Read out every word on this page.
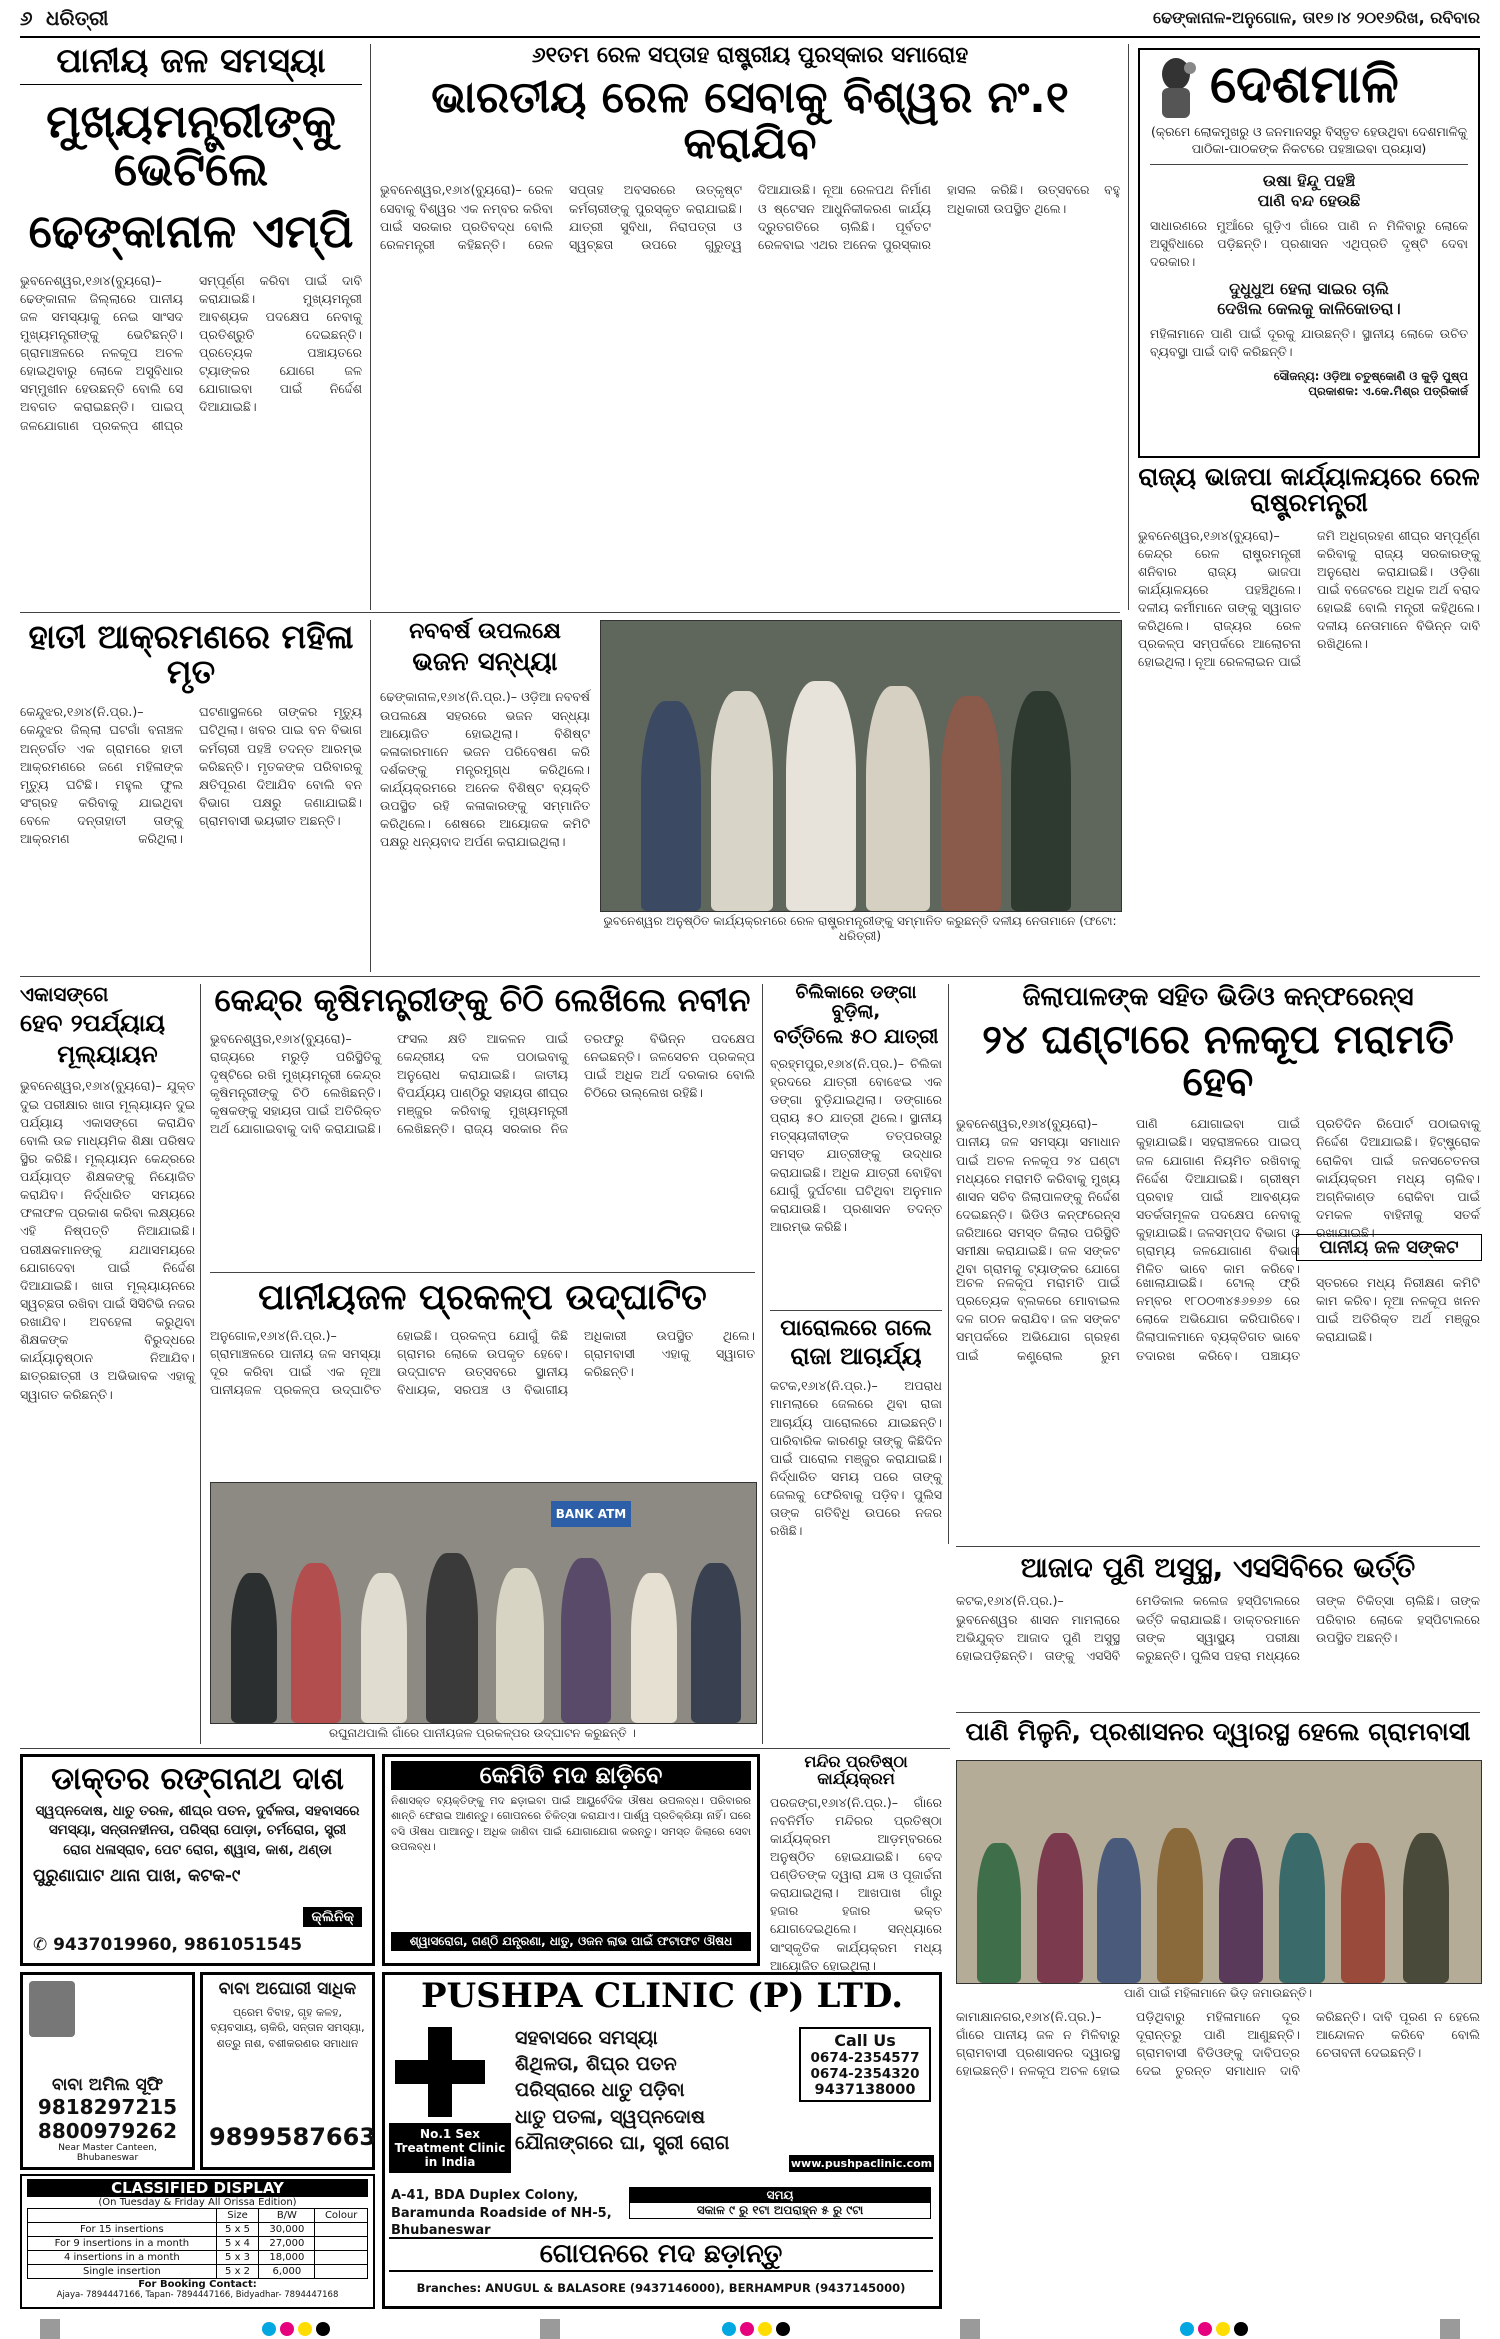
୬ ଧରିତ୍ରୀ	ଢେଙ୍କାନାଳ-ଅନୁଗୋଳ, ତା୧୭।୪ ୨୦୧୬ରିଖ, ରବିବାର
ପାନୀୟ ଜଳ ସମସ୍ୟା
ମୁଖ୍ୟମନ୍ତ୍ରୀଙ୍କୁ ଭେଟିଲେ
ଢେଙ୍କାନାଳ ଏମ୍‌ପି
ଭୁବନେଶ୍ୱର,୧୬ା୪(ବ୍ୟୁରୋ)– ଢେଙ୍କାନାଳ ଜିଲ୍ଲାରେ ପାନୀୟ ଜଳ ସମସ୍ୟାକୁ ନେଇ ସାଂସଦ ମୁଖ୍ୟମନ୍ତ୍ରୀଙ୍କୁ ଭେଟିଛନ୍ତି। ଗ୍ରାମାଞ୍ଚଳରେ ନଳକୂପ ଅଚଳ ହୋଇଥିବାରୁ ଲୋକେ ଅସୁବିଧାର ସମ୍ମୁଖୀନ ହେଉଛନ୍ତି ବୋଲି ସେ ଅବଗତ କରାଇଛନ୍ତି। ପାଇପ୍ ଜଳଯୋଗାଣ ପ୍ରକଳ୍ପ ଶୀଘ୍ର ସମ୍ପୂର୍ଣ୍ଣ କରିବା ପାଇଁ ଦାବି କରାଯାଇଛି। ମୁଖ୍ୟମନ୍ତ୍ରୀ ଆବଶ୍ୟକ ପଦକ୍ଷେପ ନେବାକୁ ପ୍ରତିଶ୍ରୁତି ଦେଇଛନ୍ତି। ପ୍ରତ୍ୟେକ ପଞ୍ଚାୟତରେ ଟ୍ୟାଙ୍କର ଯୋଗେ ଜଳ ଯୋଗାଇବା ପାଇଁ ନିର୍ଦ୍ଦେଶ ଦିଆଯାଇଛି।
୬୧ତମ ରେଳ ସପ୍ତାହ ରାଷ୍ଟ୍ରୀୟ ପୁରସ୍କାର ସମାରୋହ
ଭାରତୀୟ ରେଳ ସେବାକୁ ବିଶ୍ୱର ନଂ.୧ କରାଯିବ
ଭୁବନେଶ୍ୱର,୧୬ା୪(ବ୍ୟୁରୋ)– ରେଳ ସେବାକୁ ବିଶ୍ୱର ଏକ ନମ୍ବର କରିବା ପାଇଁ ସରକାର ପ୍ରତିବଦ୍ଧ ବୋଲି ରେଳମନ୍ତ୍ରୀ କହିଛନ୍ତି। ରେଳ ସପ୍ତାହ ଅବସରରେ ଉତ୍କୃଷ୍ଟ କର୍ମଚାରୀଙ୍କୁ ପୁରସ୍କୃତ କରାଯାଇଛି। ଯାତ୍ରୀ ସୁବିଧା, ନିରାପତ୍ତା ଓ ସ୍ୱଚ୍ଛତା ଉପରେ ଗୁରୁତ୍ୱ ଦିଆଯାଉଛି। ନୂଆ ରେଳପଥ ନିର୍ମାଣ ଓ ଷ୍ଟେସନ ଆଧୁନିକୀକରଣ କାର୍ଯ୍ୟ ଦ୍ରୁତଗତିରେ ଚାଲିଛି। ପୂର୍ବତଟ ରେଳବାଇ ଏଥର ଅନେକ ପୁରସ୍କାର ହାସଲ କରିଛି। ଉତ୍ସବରେ ବହୁ ଅଧିକାରୀ ଉପସ୍ଥିତ ଥିଲେ।
ଦେଶମାଳି
(କ୍ରମେ ଲୋକମୁଖରୁ ଓ ଜନମାନସରୁ ବିସ୍ତୃତ ହେଉଥିବା ଦେଶମାଳିକୁ ପାଠିକା-ପାଠକଙ୍କ ନିକଟରେ ପହଞ୍ଚାଇବା ପ୍ରୟାସ)
ଉଷା ହିନ୍ଦୁ ପହଞ୍ଚି
ପାଣି ବନ୍ଦ ହେଉଛି
ସାଧାରଣରେ ମୁଆଁରେ ଗୁଡ଼ିଏ ଗାଁରେ ପାଣି ନ ମିଳିବାରୁ ଲୋକେ ଅସୁବିଧାରେ ପଡ଼ିଛନ୍ତି। ପ୍ରଶାସନ ଏଥିପ୍ରତି ଦୃଷ୍ଟି ଦେବା ଦରକାର।
ଦୁଧୁଧୁଅ ହେଲା ସାଇର ଚାଲି
ଦେଖିଲ କେଲକୁ କାଳିକୋତରା।
ମହିଳାମାନେ ପାଣି ପାଇଁ ଦୂରକୁ ଯାଉଛନ୍ତି। ସ୍ଥାନୀୟ ଲୋକେ ଉଚିତ ବ୍ୟବସ୍ଥା ପାଇଁ ଦାବି କରିଛନ୍ତି।
ସୌଜନ୍ୟ: ଓଡ଼ିଆ ଚତୁଷ୍କୋଣି ଓ କୁଡ଼ି ପୁଷ୍ପ
ପ୍ରକାଶକ: ଏ.କେ.ମିଶ୍ର ପତ୍ରିକାର୍ଜ
ରାଜ୍ୟ ଭାଜପା କାର୍ଯ୍ୟାଳୟରେ ରେଳ ରାଷ୍ଟ୍ରମନ୍ତ୍ରୀ
ଭୁବନେଶ୍ୱର,୧୬ା୪(ବ୍ୟୁରୋ)– କେନ୍ଦ୍ର ରେଳ ରାଷ୍ଟ୍ରମନ୍ତ୍ରୀ ଶନିବାର ରାଜ୍ୟ ଭାଜପା କାର୍ଯ୍ୟାଳୟରେ ପହଞ୍ଚିଥିଲେ। ଦଳୀୟ କର୍ମୀମାନେ ତାଙ୍କୁ ସ୍ୱାଗତ କରିଥିଲେ। ରାଜ୍ୟର ରେଳ ପ୍ରକଳ୍ପ ସମ୍ପର୍କରେ ଆଲୋଚନା ହୋଇଥିଲା। ନୂଆ ରେଳଲାଇନ ପାଇଁ ଜମି ଅଧିଗ୍ରହଣ ଶୀଘ୍ର ସମ୍ପୂର୍ଣ୍ଣ କରିବାକୁ ରାଜ୍ୟ ସରକାରଙ୍କୁ ଅନୁରୋଧ କରାଯାଇଛି। ଓଡ଼ିଶା ପାଇଁ ବଜେଟରେ ଅଧିକ ଅର୍ଥ ବରାଦ ହୋଇଛି ବୋଲି ମନ୍ତ୍ରୀ କହିଥିଲେ। ଦଳୀୟ ନେତାମାନେ ବିଭିନ୍ନ ଦାବି ରଖିଥିଲେ।
ହାତୀ ଆକ୍ରମଣରେ ମହିଳା ମୃତ
କେନ୍ଦୁଝର,୧୬ା୪(ନି.ପ୍ର.)– କେନ୍ଦୁଝର ଜିଲ୍ଲା ଘଟଗାଁ ବନାଞ୍ଚଳ ଅନ୍ତର୍ଗତ ଏକ ଗ୍ରାମରେ ହାତୀ ଆକ୍ରମଣରେ ଜଣେ ମହିଳାଙ୍କ ମୃତ୍ୟୁ ଘଟିଛି। ମହୁଲ ଫୁଲ ସଂଗ୍ରହ କରିବାକୁ ଯାଇଥିବା ବେଳେ ଦନ୍ତାହାତୀ ତାଙ୍କୁ ଆକ୍ରମଣ କରିଥିଲା। ଘଟଣାସ୍ଥଳରେ ତାଙ୍କର ମୃତ୍ୟୁ ଘଟିଥିଲା। ଖବର ପାଇ ବନ ବିଭାଗ କର୍ମଚାରୀ ପହଞ୍ଚି ତଦନ୍ତ ଆରମ୍ଭ କରିଛନ୍ତି। ମୃତକଙ୍କ ପରିବାରକୁ କ୍ଷତିପୂରଣ ଦିଆଯିବ ବୋଲି ବନ ବିଭାଗ ପକ୍ଷରୁ ଜଣାଯାଇଛି। ଗ୍ରାମବାସୀ ଭୟଭୀତ ଅଛନ୍ତି।
ନବବର୍ଷ ଉପଲକ୍ଷେ
ଭଜନ ସନ୍ଧ୍ୟା
ଢେଙ୍କାନାଳ,୧୬ା୪(ନି.ପ୍ର.)– ଓଡ଼ିଆ ନବବର୍ଷ ଉପଲକ୍ଷେ ସହରରେ ଭଜନ ସନ୍ଧ୍ୟା ଆୟୋଜିତ ହୋଇଥିଲା। ବିଶିଷ୍ଟ କଳାକାରମାନେ ଭଜନ ପରିବେଷଣ କରି ଦର୍ଶକଙ୍କୁ ମନ୍ତ୍ରମୁଗ୍ଧ କରିଥିଲେ। କାର୍ଯ୍ୟକ୍ରମରେ ଅନେକ ବିଶିଷ୍ଟ ବ୍ୟକ୍ତି ଉପସ୍ଥିତ ରହି କଳାକାରଙ୍କୁ ସମ୍ମାନିତ କରିଥିଲେ। ଶେଷରେ ଆୟୋଜକ କମିଟି ପକ୍ଷରୁ ଧନ୍ୟବାଦ ଅର୍ପଣ କରାଯାଇଥିଲା।
ଭୁବନେଶ୍ୱର ଅନୁଷ୍ଠିତ କାର୍ଯ୍ୟକ୍ରମରେ ରେଳ ରାଷ୍ଟ୍ରମନ୍ତ୍ରୀଙ୍କୁ ସମ୍ମାନିତ କରୁଛନ୍ତି ଦଳୀୟ ନେତାମାନେ (ଫଟୋ: ଧରିତ୍ରୀ)
ଏକାସଙ୍ଗେ
ହେବ ୨ପର୍ଯ୍ୟାୟ
ମୂଲ୍ୟାୟନ
ଭୁବନେଶ୍ୱର,୧୬ା୪(ବ୍ୟୁରୋ)– ଯୁକ୍ତ ଦୁଇ ପରୀକ୍ଷାର ଖାତା ମୂଲ୍ୟାୟନ ଦୁଇ ପର୍ଯ୍ୟାୟ ଏକାସଙ୍ଗେ କରାଯିବ ବୋଲି ଉଚ୍ଚ ମାଧ୍ୟମିକ ଶିକ୍ଷା ପରିଷଦ ସ୍ଥିର କରିଛି। ମୂଲ୍ୟାୟନ କେନ୍ଦ୍ରରେ ପର୍ଯ୍ୟାପ୍ତ ଶିକ୍ଷକଙ୍କୁ ନିୟୋଜିତ କରାଯିବ। ନିର୍ଦ୍ଧାରିତ ସମୟରେ ଫଳାଫଳ ପ୍ରକାଶ କରିବା ଲକ୍ଷ୍ୟରେ ଏହି ନିଷ୍ପତ୍ତି ନିଆଯାଇଛି। ପରୀକ୍ଷକମାନଙ୍କୁ ଯଥାସମୟରେ ଯୋଗଦେବା ପାଇଁ ନିର୍ଦ୍ଦେଶ ଦିଆଯାଇଛି। ଖାତା ମୂଲ୍ୟାୟନରେ ସ୍ୱଚ୍ଛତା ରଖିବା ପାଇଁ ସିସିଟିଭି ନଜର ରଖାଯିବ। ଅବହେଳା କରୁଥିବା ଶିକ୍ଷକଙ୍କ ବିରୁଦ୍ଧରେ କାର୍ଯ୍ୟାନୁଷ୍ଠାନ ନିଆଯିବ। ଛାତ୍ରଛାତ୍ରୀ ଓ ଅଭିଭାବକ ଏହାକୁ ସ୍ୱାଗତ କରିଛନ୍ତି।
କେନ୍ଦ୍ର କୃଷିମନ୍ତ୍ରୀଙ୍କୁ ଚିଠି ଲେଖିଲେ ନବୀନ
ଭୁବନେଶ୍ୱର,୧୬ା୪(ବ୍ୟୁରୋ)– ରାଜ୍ୟରେ ମରୁଡ଼ି ପରିସ୍ଥିତିକୁ ଦୃଷ୍ଟିରେ ରଖି ମୁଖ୍ୟମନ୍ତ୍ରୀ କେନ୍ଦ୍ର କୃଷିମନ୍ତ୍ରୀଙ୍କୁ ଚିଠି ଲେଖିଛନ୍ତି। କୃଷକଙ୍କୁ ସହାୟତା ପାଇଁ ଅତିରିକ୍ତ ଅର୍ଥ ଯୋଗାଇବାକୁ ଦାବି କରାଯାଇଛି। ଫସଲ କ୍ଷତି ଆକଳନ ପାଇଁ କେନ୍ଦ୍ରୀୟ ଦଳ ପଠାଇବାକୁ ଅନୁରୋଧ କରାଯାଇଛି। ଜାତୀୟ ବିପର୍ଯ୍ୟୟ ପାଣ୍ଠିରୁ ସହାୟତା ଶୀଘ୍ର ମଞ୍ଜୁର କରିବାକୁ ମୁଖ୍ୟମନ୍ତ୍ରୀ ଲେଖିଛନ୍ତି। ରାଜ୍ୟ ସରକାର ନିଜ ତରଫରୁ ବିଭିନ୍ନ ପଦକ୍ଷେପ ନେଇଛନ୍ତି। ଜଳସେଚନ ପ୍ରକଳ୍ପ ପାଇଁ ଅଧିକ ଅର୍ଥ ଦରକାର ବୋଲି ଚିଠିରେ ଉଲ୍ଲେଖ ରହିଛି।
ପାନୀୟଜଳ ପ୍ରକଳ୍ପ ଉଦ୍‌ଘାଟିତ
ଅନୁଗୋଳ,୧୬ା୪(ନି.ପ୍ର.)– ଗ୍ରାମାଞ୍ଚଳରେ ପାନୀୟ ଜଳ ସମସ୍ୟା ଦୂର କରିବା ପାଇଁ ଏକ ନୂଆ ପାନୀୟଜଳ ପ୍ରକଳ୍ପ ଉଦ୍‌ଘାଟିତ ହୋଇଛି। ପ୍ରକଳ୍ପ ଯୋଗୁଁ କିଛି ଗ୍ରାମର ଲୋକେ ଉପକୃତ ହେବେ। ଉଦ୍‌ଘାଟନ ଉତ୍ସବରେ ସ୍ଥାନୀୟ ବିଧାୟକ, ସରପଞ୍ଚ ଓ ବିଭାଗୀୟ ଅଧିକାରୀ ଉପସ୍ଥିତ ଥିଲେ। ଗ୍ରାମବାସୀ ଏହାକୁ ସ୍ୱାଗତ କରିଛନ୍ତି।
BANK ATM
ରଘୁନାଥପାଲି ଗାଁରେ ପାନୀୟଜଳ ପ୍ରକଳ୍ପର ଉଦ୍‌ଘାଟନ କରୁଛନ୍ତି ।
ଚିଲିକାରେ ଡଙ୍ଗା ବୁଡ଼ିଲା,
ବର୍ତ୍ତିଲେ ୫୦ ଯାତ୍ରୀ
ବ୍ରହ୍ମପୁର,୧୬ା୪(ନି.ପ୍ର.)– ଚିଲିକା ହ୍ରଦରେ ଯାତ୍ରୀ ବୋଝେଇ ଏକ ଡଙ୍ଗା ବୁଡ଼ିଯାଇଥିଲା। ଡଙ୍ଗାରେ ପ୍ରାୟ ୫୦ ଯାତ୍ରୀ ଥିଲେ। ସ୍ଥାନୀୟ ମତ୍ସ୍ୟଜୀବୀଙ୍କ ତତ୍ପରତାରୁ ସମସ୍ତ ଯାତ୍ରୀଙ୍କୁ ଉଦ୍ଧାର କରାଯାଇଛି। ଅଧିକ ଯାତ୍ରୀ ବୋହିବା ଯୋଗୁଁ ଦୁର୍ଘଟଣା ଘଟିଥିବା ଅନୁମାନ କରାଯାଉଛି। ପ୍ରଶାସନ ତଦନ୍ତ ଆରମ୍ଭ କରିଛି।
ପାରୋଲରେ ଗଲେ
ରାଜା ଆଚାର୍ଯ୍ୟ
କଟକ,୧୬ା୪(ନି.ପ୍ର.)– ଅପରାଧ ମାମଲାରେ ଜେଲରେ ଥିବା ରାଜା ଆଚାର୍ଯ୍ୟ ପାରୋଲରେ ଯାଇଛନ୍ତି। ପାରିବାରିକ କାରଣରୁ ତାଙ୍କୁ କିଛିଦିନ ପାଇଁ ପାରୋଲ ମଞ୍ଜୁର କରାଯାଇଛି। ନିର୍ଦ୍ଧାରିତ ସମୟ ପରେ ତାଙ୍କୁ ଜେଲକୁ ଫେରିବାକୁ ପଡ଼ିବ। ପୁଲିସ ତାଙ୍କ ଗତିବିଧି ଉପରେ ନଜର ରଖିଛି।
ଜିଲାପାଳଙ୍କ ସହିତ ଭିଡିଓ କନ୍‌ଫରେନ୍ସ
୨୪ ଘଣ୍ଟାରେ ନଳକୂପ ମରାମତି ହେବ
ଭୁବନେଶ୍ୱର,୧୬ା୪(ବ୍ୟୁରୋ)– ପାନୀୟ ଜଳ ସମସ୍ୟା ସମାଧାନ ପାଇଁ ଅଚଳ ନଳକୂପ ୨୪ ଘଣ୍ଟା ମଧ୍ୟରେ ମରାମତି କରିବାକୁ ମୁଖ୍ୟ ଶାସନ ସଚିବ ଜିଲାପାଳଙ୍କୁ ନିର୍ଦ୍ଦେଶ ଦେଇଛନ୍ତି। ଭିଡିଓ କନ୍‌ଫରେନ୍ସ ଜରିଆରେ ସମସ୍ତ ଜିଲାର ପରିସ୍ଥିତି ସମୀକ୍ଷା କରାଯାଇଛି। ଜଳ ସଙ୍କଟ ଥିବା ଗ୍ରାମକୁ ଟ୍ୟାଙ୍କର ଯୋଗେ ପାଣି ଯୋଗାଇବା ପାଇଁ କୁହାଯାଇଛି। ସହରାଞ୍ଚଳରେ ପାଇପ୍ ଜଳ ଯୋଗାଣ ନିୟମିତ ରଖିବାକୁ ନିର୍ଦ୍ଦେଶ ଦିଆଯାଇଛି। ଗ୍ରୀଷ୍ମ ପ୍ରବାହ ପାଇଁ ଆବଶ୍ୟକ ସତର୍କତାମୂଳକ ପଦକ୍ଷେପ ନେବାକୁ କୁହାଯାଇଛି। ଜଳସମ୍ପଦ ବିଭାଗ ଓ ଗ୍ରାମ୍ୟ ଜଳଯୋଗାଣ ବିଭାଗ ମିଳିତ ଭାବେ କାମ କରିବେ। ପ୍ରତିଦିନ ରିପୋର୍ଟ ପଠାଇବାକୁ ନିର୍ଦ୍ଦେଶ ଦିଆଯାଇଛି। ହିଟ୍‌ଷ୍ଟ୍ରୋକ ରୋକିବା ପାଇଁ ଜନସଚେତନତା କାର୍ଯ୍ୟକ୍ରମ ମଧ୍ୟ ଚାଲିବ। ଅଗ୍ନିକାଣ୍ଡ ରୋକିବା ପାଇଁ ଦମକଳ ବାହିନୀକୁ ସତର୍କ ରଖାଯାଇଛି।
ପାନୀୟ ଜଳ ସଙ୍କଟ
ଅଚଳ ନଳକୂପ ମରାମତି ପାଇଁ ପ୍ରତ୍ୟେକ ବ୍ଲକରେ ମୋବାଇଲ ଦଳ ଗଠନ କରାଯିବ। ଜଳ ସଙ୍କଟ ସମ୍ପର୍କରେ ଅଭିଯୋଗ ଗ୍ରହଣ ପାଇଁ କଣ୍ଟ୍ରୋଲ ରୁମ ଖୋଲାଯାଇଛି। ଟୋଲ୍ ଫ୍ରି ନମ୍ବର ୧୮୦୦୩୪୫୬୭୬୭ ରେ ଲୋକେ ଅଭିଯୋଗ କରିପାରିବେ। ଜିଲାପାଳମାନେ ବ୍ୟକ୍ତିଗତ ଭାବେ ତଦାରଖ କରିବେ। ପଞ୍ଚାୟତ ସ୍ତରରେ ମଧ୍ୟ ନିରୀକ୍ଷଣ କମିଟି କାମ କରିବ। ନୂଆ ନଳକୂପ ଖନନ ପାଇଁ ଅତିରିକ୍ତ ଅର୍ଥ ମଞ୍ଜୁର କରାଯାଇଛି।
ଆଜାଦ ପୁଣି ଅସୁସ୍ଥ, ଏସସିବିରେ ଭର୍ତ୍ତି
କଟକ,୧୬ା୪(ନି.ପ୍ର.)– ଭୁବନେଶ୍ୱର ଶାସନ ମାମଲାରେ ଅଭିଯୁକ୍ତ ଆଜାଦ ପୁଣି ଅସୁସ୍ଥ ହୋଇପଡ଼ିଛନ୍ତି। ତାଙ୍କୁ ଏସସିବି ମେଡିକାଲ କଲେଜ ହସ୍ପିଟାଲରେ ଭର୍ତ୍ତି କରାଯାଇଛି। ଡାକ୍ତରମାନେ ତାଙ୍କ ସ୍ୱାସ୍ଥ୍ୟ ପରୀକ୍ଷା କରୁଛନ୍ତି। ପୁଲିସ ପହରା ମଧ୍ୟରେ ତାଙ୍କ ଚିକିତ୍ସା ଚାଲିଛି। ତାଙ୍କ ପରିବାର ଲୋକେ ହସ୍ପିଟାଲରେ ଉପସ୍ଥିତ ଅଛନ୍ତି।
ଡାକ୍ତର ରଙ୍ଗନାଥ ଦାଶ
ସ୍ୱପ୍ନଦୋଷ, ଧାତୁ ତରଳ, ଶୀଘ୍ର ପତନ, ଦୁର୍ବଳତା, ସହବାସରେ ସମସ୍ୟା, ସନ୍ତାନହୀନତା, ପରିସ୍ରା ପୋଡ଼ା, ଚର୍ମରୋଗ, ସ୍ତ୍ରୀ ରୋଗ ଧଳାସ୍ରାବ, ପେଟ ରୋଗ, ଶ୍ୱାସ, କାଶ, ଥଣ୍ଡା
ପୁରୁଣାଘାଟ ଥାନା ପାଖ, କଟକ-୯
କ୍ଲିନିକ୍
✆ 9437019960, 9861051545
କେମିତି ମଦ ଛାଡ଼ିବେ
ନିଶାସକ୍ତ ବ୍ୟକ୍ତିଙ୍କୁ ମଦ ଛଡ଼ାଇବା ପାଇଁ ଆୟୁର୍ବେଦିକ ଔଷଧ ଉପଲବ୍ଧ। ପରିବାରର ଶାନ୍ତି ଫେରାଇ ଆଣନ୍ତୁ। ଗୋପନରେ ଚିକିତ୍ସା କରାଯାଏ। ପାର୍ଶ୍ୱ ପ୍ରତିକ୍ରିୟା ନାହିଁ। ଘରେ ବସି ଔଷଧ ପାଆନ୍ତୁ। ଅଧିକ ଜାଣିବା ପାଇଁ ଯୋଗାଯୋଗ କରନ୍ତୁ। ସମସ୍ତ ଜିଲାରେ ସେବା ଉପଲବ୍ଧ।
ଶ୍ୱାସରୋଗ, ଗଣ୍ଠି ଯନ୍ତ୍ରଣା, ଧାତୁ, ଓଜନ ଲାଭ ପାଇଁ ଫଟାଫଟ ଔଷଧ
ମନ୍ଦିର ପ୍ରତିଷ୍ଠା କାର୍ଯ୍ୟକ୍ରମ
ପରଜଙ୍ଗ,୧୬ା୪(ନି.ପ୍ର.)– ଗାଁରେ ନବନିର୍ମିତ ମନ୍ଦିରର ପ୍ରତିଷ୍ଠା କାର୍ଯ୍ୟକ୍ରମ ଆଡ଼ମ୍ବରରେ ଅନୁଷ୍ଠିତ ହୋଇଯାଇଛି। ବେଦ ପଣ୍ଡିତଙ୍କ ଦ୍ୱାରା ଯଜ୍ଞ ଓ ପୂଜାର୍ଚ୍ଚନା କରାଯାଇଥିଲା। ଆଖପାଖ ଗାଁରୁ ହଜାର ହଜାର ଭକ୍ତ ଯୋଗଦେଇଥିଲେ। ସନ୍ଧ୍ୟାରେ ସାଂସ୍କୃତିକ କାର୍ଯ୍ୟକ୍ରମ ମଧ୍ୟ ଆୟୋଜିତ ହୋଇଥିଲା।
ପାଣି ମିଳୁନି, ପ୍ରଶାସନର ଦ୍ୱାରସ୍ଥ ହେଲେ ଗ୍ରାମବାସୀ
ପାଣି ପାଇଁ ମହିଳାମାନେ ଭିଡ଼ ଜମାଉଛନ୍ତି।
କାମାକ୍ଷାନଗର,୧୬ା୪(ନି.ପ୍ର.)– ଗାଁରେ ପାନୀୟ ଜଳ ନ ମିଳିବାରୁ ଗ୍ରାମବାସୀ ପ୍ରଶାସନର ଦ୍ୱାରସ୍ଥ ହୋଇଛନ୍ତି। ନଳକୂପ ଅଚଳ ହୋଇ ପଡ଼ିଥିବାରୁ ମହିଳାମାନେ ଦୂର ଦୂରାନ୍ତରୁ ପାଣି ଆଣୁଛନ୍ତି। ଗ୍ରାମବାସୀ ବିଡିଓଙ୍କୁ ଦାବିପତ୍ର ଦେଇ ତୁରନ୍ତ ସମାଧାନ ଦାବି କରିଛନ୍ତି। ଦାବି ପୂରଣ ନ ହେଲେ ଆନ୍ଦୋଳନ କରିବେ ବୋଲି ଚେତାବନୀ ଦେଇଛନ୍ତି।
ବାବା ଅମିଲ ସୂଫି
9818297215
8800979262
Near Master Canteen, Bhubaneswar
ବାବା ଅଘୋରୀ ସାଧିକ
ପ୍ରେମ ବିବାହ, ଗୃହ କଳହ, ବ୍ୟବସାୟ, ଚାକିରି, ସନ୍ତାନ ସମସ୍ୟା, ଶତ୍ରୁ ନାଶ, ବଶୀକରଣର ସମାଧାନ
9899587663
CLASSIFIED DISPLAY
(On Tuesday & Friday All Orissa Edition)
	Size	B/W	Colour
For 15 insertions	5 x 5	30,000	
For 9 insertions in a month	5 x 4	27,000	
4 insertions in a month	5 x 3	18,000	
Single insertion	5 x 2	6,000	
For Booking Contact:
Ajaya- 7894447166, Tapan- 7894447166, Bidyadhar- 7894447168
PUSHPA CLINIC (P) LTD.
No.1 Sex Treatment Clinic in India
ସହବାସରେ ସମସ୍ୟା
ଶିଥିଳତା, ଶିଘ୍ର ପତନ
ପରିସ୍ରାରେ ଧାତୁ ପଡ଼ିବା
ଧାତୁ ପତଳା, ସ୍ୱପ୍ନଦୋଷ
ଯୌନାଙ୍ଗରେ ଘା, ସ୍ତ୍ରୀ ରୋଗ
Call Us
0674-2354577
0674-2354320
9437138000
www.pushpaclinic.com
A-41, BDA Duplex Colony, Baramunda Roadside of NH-5, Bhubaneswar
ସମୟ
ସକାଳ ୯ ରୁ ୧ଟା ଅପରାହ୍ନ ୫ ରୁ ୯ଟା
ଗୋପନରେ ମଦ ଛଡ଼ାନ୍ତୁ
Branches: ANUGUL & BALASORE (9437146000), BERHAMPUR (9437145000)
